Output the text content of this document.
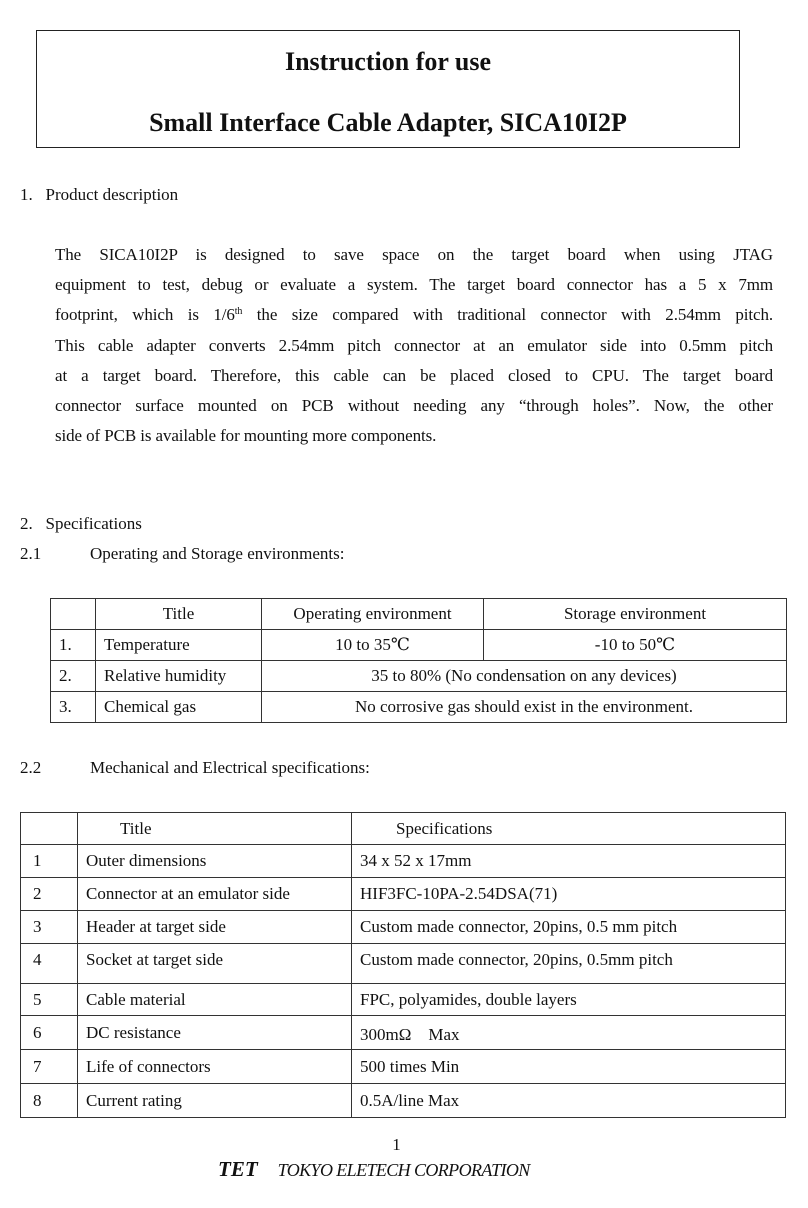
Instruction for use
Small Interface Cable Adapter, SICA10I2P
1.   Product description
The SICA10I2P is designed to save space on the target board when using JTAG
equipment to test, debug or evaluate a system. The target board connector has a 5 x 7mm
footprint, which is 1/6th the size compared with traditional connector with 2.54mm pitch.
This cable adapter converts 2.54mm pitch connector at an emulator side into 0.5mm pitch
at a target board. Therefore, this cable can be placed closed to CPU. The target board
connector surface mounted on PCB without needing any “through holes”. Now, the other
side of PCB is available for mounting more components.
2.   Specifications
2.1	Operating and Storage environments:
	Title	Operating environment	Storage environment
1.	Temperature	10 to 35℃	-10 to 50℃
2.	Relative humidity	35 to 80% (No condensation on any devices)	
3.	Chemical gas	No corrosive gas should exist in the environment.	
2.2	Mechanical and Electrical specifications:
	Title	Specifications
1	Outer dimensions	34 x 52 x 17mm
2	Connector at an emulator side	HIF3FC-10PA-2.54DSA(71)
3	Header at target side	Custom made connector, 20pins, 0.5 mm pitch
4	Socket at target side	Custom made connector, 20pins, 0.5mm pitch
5	Cable material	FPC, polyamides, double layers
6	DC resistance	300mΩ　Max
7	Life of connectors	500 times Min
8	Current rating	0.5A/line Max
1
TET TOKYO ELETECH CORPORATION
